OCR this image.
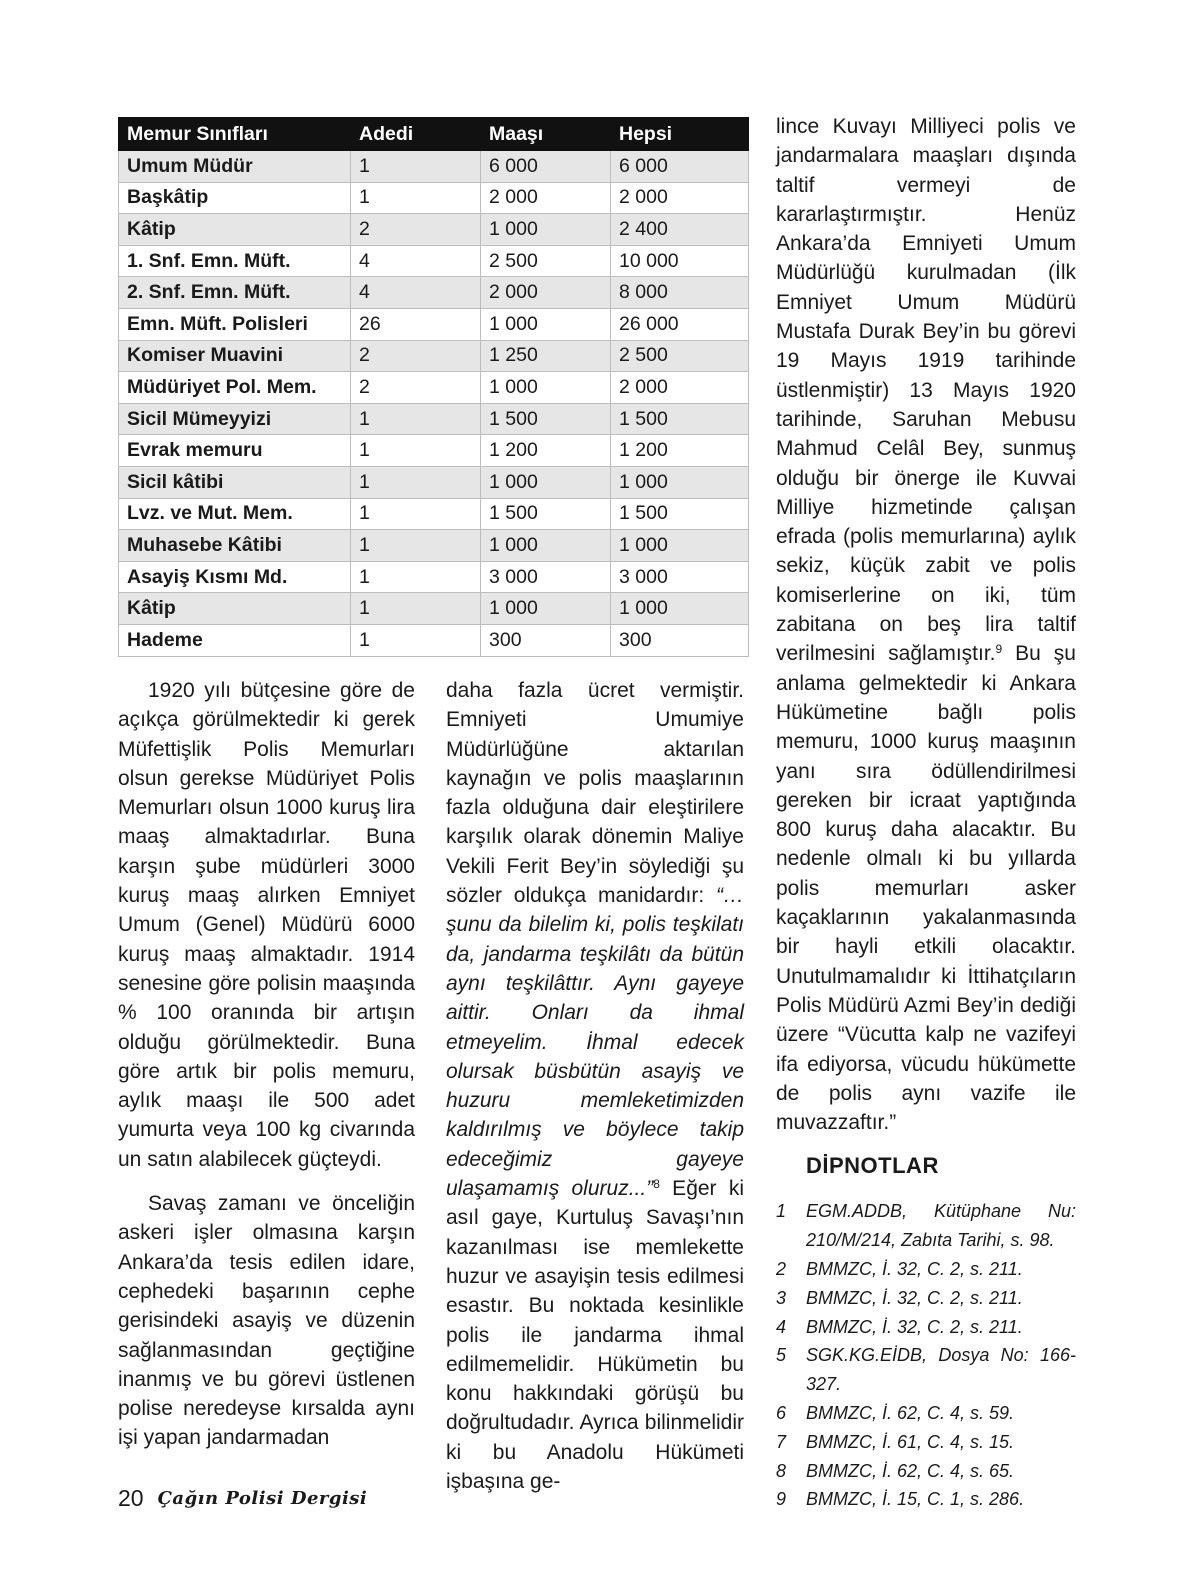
Memur Sınıfları	Adedi	Maaşı	Hepsi
Umum Müdür	1	6 000	6 000
Başkâtip	1	2 000	2 000
Kâtip	2	1 000	2 400
1. Snf. Emn. Müft.	4	2 500	10 000
2. Snf. Emn. Müft.	4	2 000	8 000
Emn. Müft. Polisleri	26	1 000	26 000
Komiser Muavini	2	1 250	2 500
Müdüriyet Pol. Mem.	2	1 000	2 000
Sicil Mümeyyizi	1	1 500	1 500
Evrak memuru	1	1 200	1 200
Sicil kâtibi	1	1 000	1 000
Lvz. ve Mut. Mem.	1	1 500	1 500
Muhasebe Kâtibi	1	1 000	1 000
Asayiş Kısmı Md.	1	3 000	3 000
Kâtip	1	1 000	1 000
Hademe	1	300	300

1920 yılı bütçesine göre de açıkça görülmektedir ki gerek Müfettişlik Polis Memurları olsun gerekse Müdüriyet Polis Memurları olsun 1000 kuruş lira maaş almaktadırlar. Buna karşın şube müdürleri 3000 kuruş maaş alırken Emniyet Umum (Genel) Müdürü 6000 kuruş maaş almaktadır. 1914 senesine göre polisin maaşında % 100 oranında bir artışın olduğu görülmektedir. Buna göre artık bir polis memuru, aylık maaşı ile 500 adet yumurta veya 100 kg civarında un satın alabilecek güçteydi.

Savaş zamanı ve önceliğin askeri işler olmasına karşın Ankara’da tesis edilen idare, cephedeki başarının cephe gerisindeki asayiş ve düzenin sağlanmasından geçtiğine inanmış ve bu görevi üstlenen polise neredeyse kırsalda aynı işi yapan jandarmadan

daha fazla ücret vermiştir. Emniyeti Umumiye Müdürlüğüne aktarılan kaynağın ve polis maaşlarının fazla olduğuna dair eleştirilere karşılık olarak dönemin Maliye Vekili Ferit Bey’in söylediği şu sözler oldukça manidardır: “… şunu da bilelim ki, polis teşkilatı da, jandarma teşkilâtı da bütün aynı teşkilâttır. Aynı gayeye aittir. Onları da ihmal etmeyelim. İhmal edecek olursak büsbütün asayiş ve huzuru memleketimizden kaldırılmış ve böylece takip edeceğimiz gayeye ulaşamamış oluruz...”$^8$ Eğer ki asıl gaye, Kurtuluş Savaşı’nın kazanılması ise memlekette huzur ve asayişin tesis edilmesi esastır. Bu noktada kesinlikle polis ile jandarma ihmal edilmemelidir. Hükümetin bu konu hakkındaki görüşü bu doğrultudadır. Ayrıca bilinmelidir ki bu Anadolu Hükümeti işbaşına ge-

lince Kuvayı Milliyeci polis ve jandarmalara maaşları dışında taltif vermeyi de kararlaştırmıştır. Henüz Ankara’da Emniyeti Umum Müdürlüğü kurulmadan (İlk Emniyet Umum Müdürü Mustafa Durak Bey’in bu görevi 19 Mayıs 1919 tarihinde üstlenmiştir) 13 Mayıs 1920 tarihinde, Saruhan Mebusu Mahmud Celâl Bey, sunmuş olduğu bir önerge ile Kuvvai Milliye hizmetinde çalışan efrada (polis memurlarına) aylık sekiz, küçük zabit ve polis komiserlerine on iki, tüm zabitana on beş lira taltif verilmesini sağlamıştır.$^9$ Bu şu anlama gelmektedir ki Ankara Hükümetine bağlı polis memuru, 1000 kuruş maaşının yanı sıra ödüllendirilmesi gereken bir icraat yaptığında 800 kuruş daha alacaktır. Bu nedenle olmalı ki bu yıllarda polis memurları asker kaçaklarının yakalanmasında bir hayli etkili olacaktır. Unutulmamalıdır ki İttihatçıların Polis Müdürü Azmi Bey’in dediği üzere “Vücutta kalp ne vazifeyi ifa ediyorsa, vücudu hükümette de polis aynı vazife ile muvazzaftır.”

DİPNOTLAR

1	EGM.ADDB, Kütüphane Nu:
210/M/214, Zabıta Tarihi, s. 98.
2	BMMZC, İ. 32, C. 2, s. 211.
3	BMMZC, İ. 32, C. 2, s. 211.
4	BMMZC, İ. 32, C. 2, s. 211.
5	SGK.KG.EİDB, Dosya No: 166-
327.
6	BMMZC, İ. 62, C. 4, s. 59.
7	BMMZC, İ. 61, C. 4, s. 15.
8	BMMZC, İ. 62, C. 4, s. 65.
9	BMMZC, İ. 15, C. 1, s. 286.
20 Çağın Polisi Dergisi
